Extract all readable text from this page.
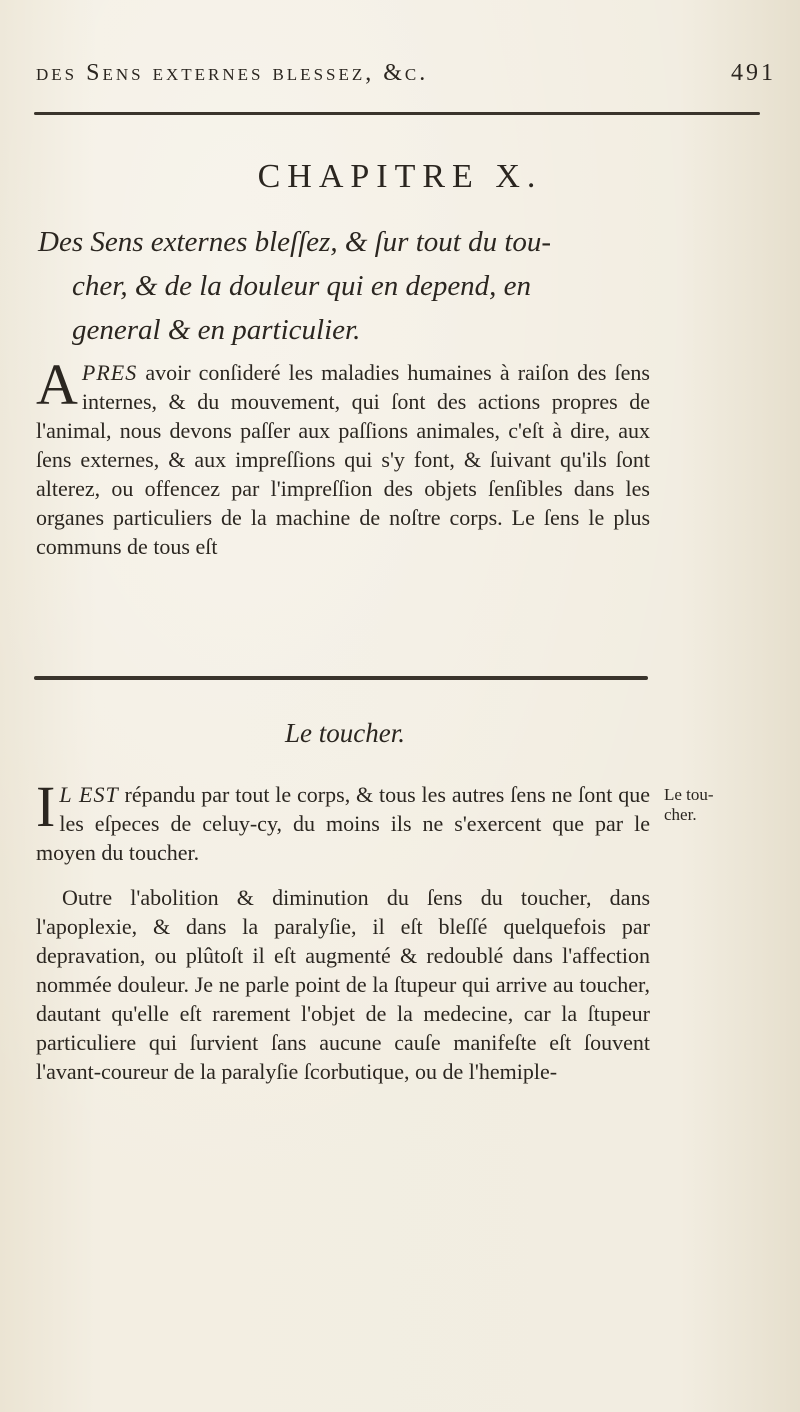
des Sens externes blessez, &c.	491
CHAPITRE X.
Des Sens externes bleſſez, & ſur tout du tou-
cher, & de la douleur qui en depend, en
general & en particulier.
APRES avoir conſideré les maladies humaines à raiſon des ſens internes, & du mouvement, qui ſont des actions propres de l'animal, nous devons paſſer aux paſſions animales, c'eſt à dire, aux ſens externes, & aux impreſſions qui s'y font, & ſuivant qu'ils ſont alterez, ou offencez par l'impreſſion des objets ſenſibles dans les organes particuliers de la machine de noſtre corps. Le ſens le plus communs de tous eſt
Le toucher.
I L EST répandu par tout le corps, & tous les autres ſens ne ſont que les eſpeces de celuy-cy, du moins ils ne s'exercent que par le moyen du toucher.
Outre l'abolition & diminution du ſens du toucher, dans l'apoplexie, & dans la paralyſie, il eſt bleſſé quelquefois par depravation, ou plûtoſt il eſt augmenté & redoublé dans l'affection nommée douleur. Je ne parle point de la ſtupeur qui arrive au toucher, dautant qu'elle eſt rarement l'objet de la medecine, car la ſtupeur particuliere qui ſurvient ſans aucune cauſe manifeſte eſt ſouvent l'avant-coureur de la paralyſie ſcorbutique, ou de l'hemiple-
Le tou-cher.
